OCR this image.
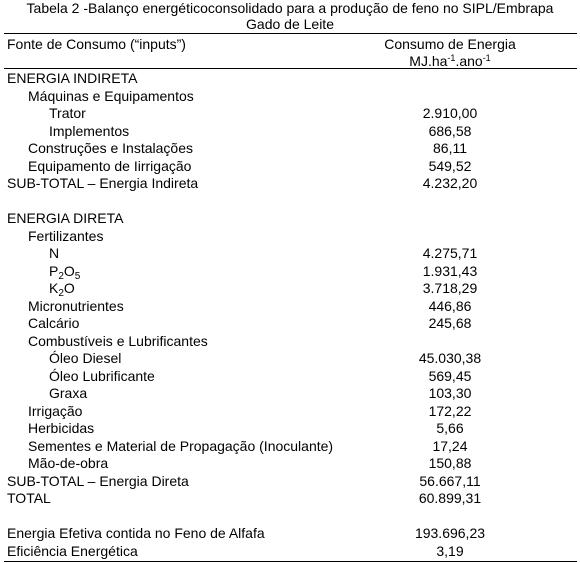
Tabela 2 -Balanço energéticoconsolidado para a produção de feno no SIPL/Embrapa
Gado de Leite
Fonte de Consumo (“inputs”)	Consumo de Energia
$MJ.ha^{-1}.ano^{-1}$
ENERGIA INDIRETA
Máquinas e Equipamentos
Trator	2.910,00
Implementos	686,58
Construções e Instalações	86,11
Equipamento de Iirrigação	549,52
SUB-TOTAL – Energia Indireta	4.232,20
ENERGIA DIRETA
Fertilizantes
N	4.275,71
$P_2O_5$	1.931,43
$K_2O$	3.718,29
Micronutrientes	446,86
Calcário	245,68
Combustíveis e Lubrificantes
Óleo Diesel	45.030,38
Óleo Lubrificante	569,45
Graxa	103,30
Irrigação	172,22
Herbicidas	5,66
Sementes e Material de Propagação (Inoculante)	17,24
Mão-de-obra	150,88
SUB-TOTAL – Energia Direta	56.667,11
TOTAL	60.899,31
Energia Efetiva contida no Feno de Alfafa	193.696,23
Eficiência Energética	3,19
